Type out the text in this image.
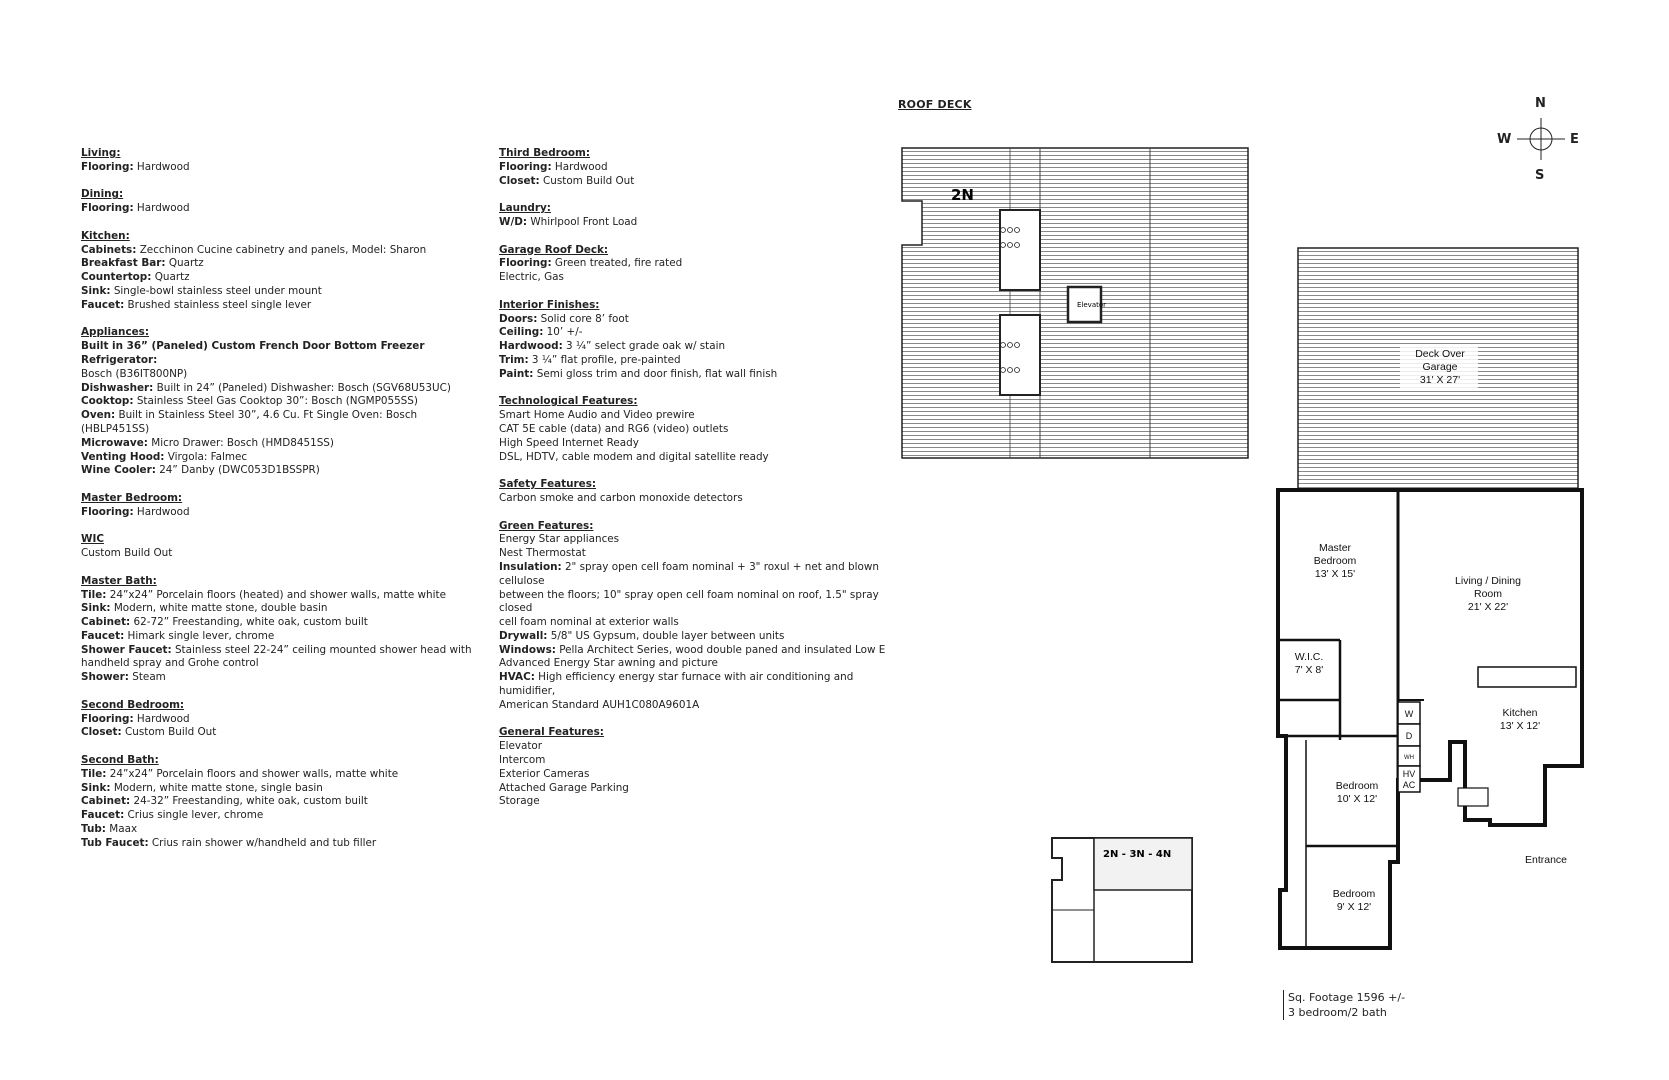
Living:
Flooring: Hardwood
Dining:
Flooring: Hardwood
Kitchen:
Cabinets: Zecchinon Cucine cabinetry and panels, Model: Sharon
Breakfast Bar: Quartz
Countertop: Quartz
Sink: Single-bowl stainless steel under mount
Faucet: Brushed stainless steel single lever
Appliances:
Built in 36” (Paneled) Custom French Door Bottom Freezer Refrigerator:
Bosch (B36IT800NP)
Dishwasher: Built in 24” (Paneled) Dishwasher: Bosch (SGV68U53UC)
Cooktop: Stainless Steel Gas Cooktop 30”: Bosch (NGMP055SS)
Oven: Built in Stainless Steel 30”, 4.6 Cu. Ft Single Oven: Bosch
(HBLP451SS)
Microwave: Micro Drawer: Bosch (HMD8451SS)
Venting Hood: Virgola: Falmec
Wine Cooler: 24” Danby (DWC053D1BSSPR)
Master Bedroom:
Flooring: Hardwood
WIC
Custom Build Out
Master Bath:
Tile: 24”x24” Porcelain floors (heated) and shower walls, matte white
Sink: Modern, white matte stone, double basin
Cabinet: 62-72” Freestanding, white oak, custom built
Faucet: Himark single lever, chrome
Shower Faucet: Stainless steel 22-24” ceiling mounted shower head with
handheld spray and Grohe control
Shower: Steam
Second Bedroom:
Flooring: Hardwood
Closet: Custom Build Out
Second Bath:
Tile: 24”x24” Porcelain floors and shower walls, matte white
Sink: Modern, white matte stone, single basin
Cabinet: 24-32” Freestanding, white oak, custom built
Faucet: Crius single lever, chrome
Tub: Maax
Tub Faucet: Crius rain shower w/handheld and tub filler
Third Bedroom:
Flooring: Hardwood
Closet: Custom Build Out
Laundry:
W/D: Whirlpool Front Load
Garage Roof Deck:
Flooring: Green treated, fire rated
Electric, Gas
Interior Finishes:
Doors: Solid core 8’ foot
Ceiling: 10’ +/-
Hardwood: 3 ¼” select grade oak w/ stain
Trim: 3 ¼” flat profile, pre-painted
Paint: Semi gloss trim and door finish, flat wall finish
Technological Features:
Smart Home Audio and Video prewire
CAT 5E cable (data) and RG6 (video) outlets
High Speed Internet Ready
DSL, HDTV, cable modem and digital satellite ready
Safety Features:
Carbon smoke and carbon monoxide detectors
Green Features:
Energy Star appliances
Nest Thermostat
Insulation: 2" spray open cell foam nominal + 3" roxul + net and blown cellulose
between the floors; 10" spray open cell foam nominal on roof, 1.5" spray closed
cell foam nominal at exterior walls
Drywall: 5/8" US Gypsum, double layer between units
Windows: Pella Architect Series, wood double paned and insulated Low E
Advanced Energy Star awning and picture
HVAC: High efficiency energy star furnace with air conditioning and humidifier,
American Standard AUH1C080A9601A
General Features:
Elevator
Intercom
Exterior Cameras
Attached Garage Parking
Storage
ROOF DECK	N
S
E
W
Elevator
2N
2N - 3N - 4N
Deck Over
Garage
31' X 27'
Master
Bedroom
13' X 15'
Living / Dining
Room
21' X 22'
W.I.C.
7' X 8'
Kitchen
13' X 12'
Bedroom
10' X 12'
Bedroom
9' X 12'
Entrance
W
D
WH
HV
AC
Sq. Footage 1596 +/-
3 bedroom/2 bath
